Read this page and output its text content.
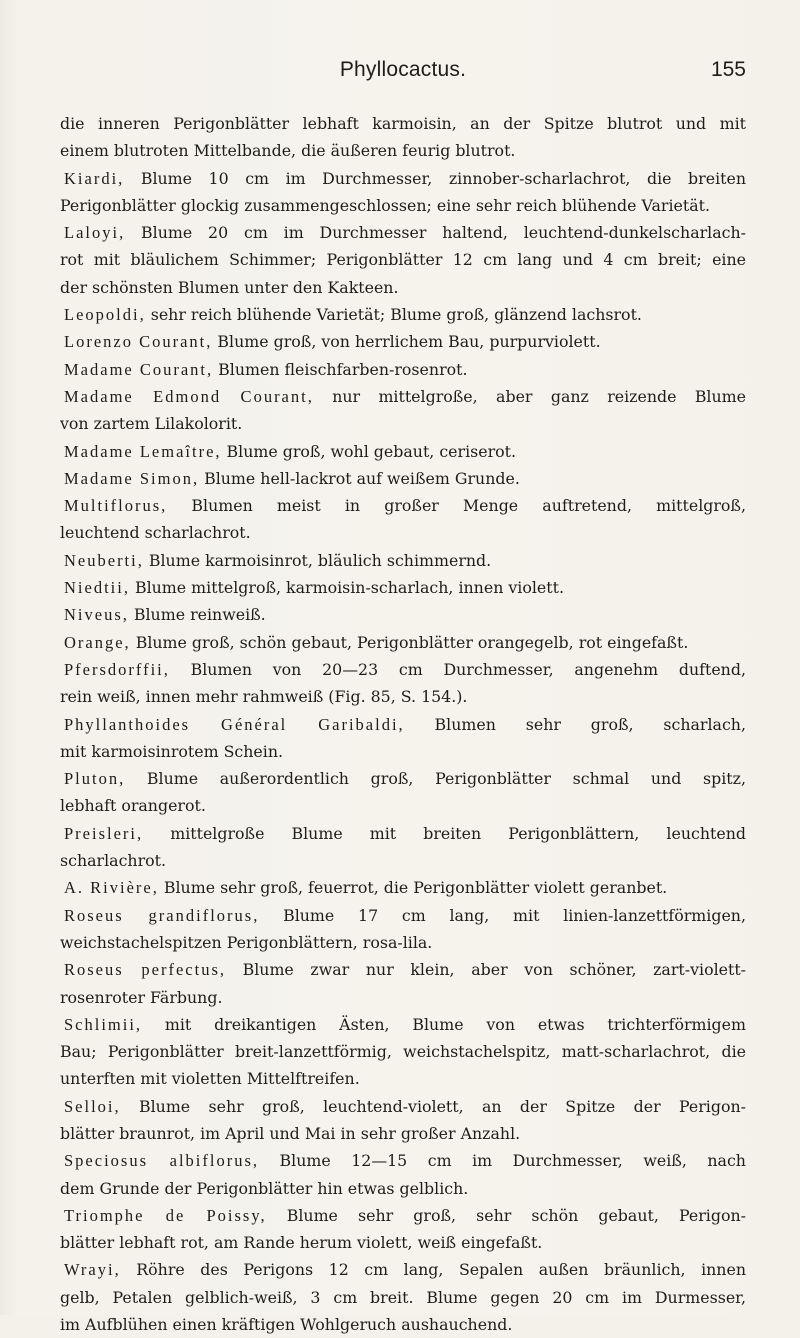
Phyllocactus.	155
die inneren Perigonblätter lebhaft karmoisin, an der Spitze blutrot und mit
einem blutroten Mittelbande, die äußeren feurig blutrot.
Kiardi, Blume 10 cm im Durchmesser, zinnober-scharlachrot, die breiten
Perigonblätter glockig zusammengeschlossen; eine sehr reich blühende Varietät.
Laloyi, Blume 20 cm im Durchmesser haltend, leuchtend-dunkelscharlach-
rot mit bläulichem Schimmer; Perigonblätter 12 cm lang und 4 cm breit; eine
der schönsten Blumen unter den Kakteen.
Leopoldi, sehr reich blühende Varietät; Blume groß, glänzend lachsrot.
Lorenzo Courant, Blume groß, von herrlichem Bau, purpurviolett.
Madame Courant, Blumen fleischfarben-rosenrot.
Madame Edmond Courant, nur mittelgroße, aber ganz reizende Blume
von zartem Lilakolorit.
Madame Lemaître, Blume groß, wohl gebaut, ceriserot.
Madame Simon, Blume hell-lackrot auf weißem Grunde.
Multiflorus, Blumen meist in großer Menge auftretend, mittelgroß,
leuchtend scharlachrot.
Neuberti, Blume karmoisinrot, bläulich schimmernd.
Niedtii, Blume mittelgroß, karmoisin-scharlach, innen violett.
Niveus, Blume reinweiß.
Orange, Blume groß, schön gebaut, Perigonblätter orangegelb, rot eingefaßt.
Pfersdorffii, Blumen von 20—23 cm Durchmesser, angenehm duftend,
rein weiß, innen mehr rahmweiß (Fig. 85, S. 154.).
Phyllanthoides Général Garibaldi, Blumen sehr groß, scharlach,
mit karmoisinrotem Schein.
Pluton, Blume außerordentlich groß, Perigonblätter schmal und spitz,
lebhaft orangerot.
Preisleri, mittelgroße Blume mit breiten Perigonblättern, leuchtend
scharlachrot.
A. Rivière, Blume sehr groß, feuerrot, die Perigonblätter violett geranbet.
Roseus grandiflorus, Blume 17 cm lang, mit linien-lanzettförmigen,
weichstachelspitzen Perigonblättern, rosa-lila.
Roseus perfectus, Blume zwar nur klein, aber von schöner, zart-violett-
rosenroter Färbung.
Schlimii, mit dreikantigen Ästen, Blume von etwas trichterförmigem
Bau; Perigonblätter breit-lanzettförmig, weichstachelspitz, matt-scharlachrot, die
unterften mit violetten Mittelftreifen.
Selloi, Blume sehr groß, leuchtend-violett, an der Spitze der Perigon-
blätter braunrot, im April und Mai in sehr großer Anzahl.
Speciosus albiflorus, Blume 12—15 cm im Durchmesser, weiß, nach
dem Grunde der Perigonblätter hin etwas gelblich.
Triomphe de Poissy, Blume sehr groß, sehr schön gebaut, Perigon-
blätter lebhaft rot, am Rande herum violett, weiß eingefaßt.
Wrayi, Röhre des Perigons 12 cm lang, Sepalen außen bräunlich, innen
gelb, Petalen gelblich-weiß, 3 cm breit. Blume gegen 20 cm im Durmesser,
im Aufblühen einen kräftigen Wohlgeruch aushauchend.
